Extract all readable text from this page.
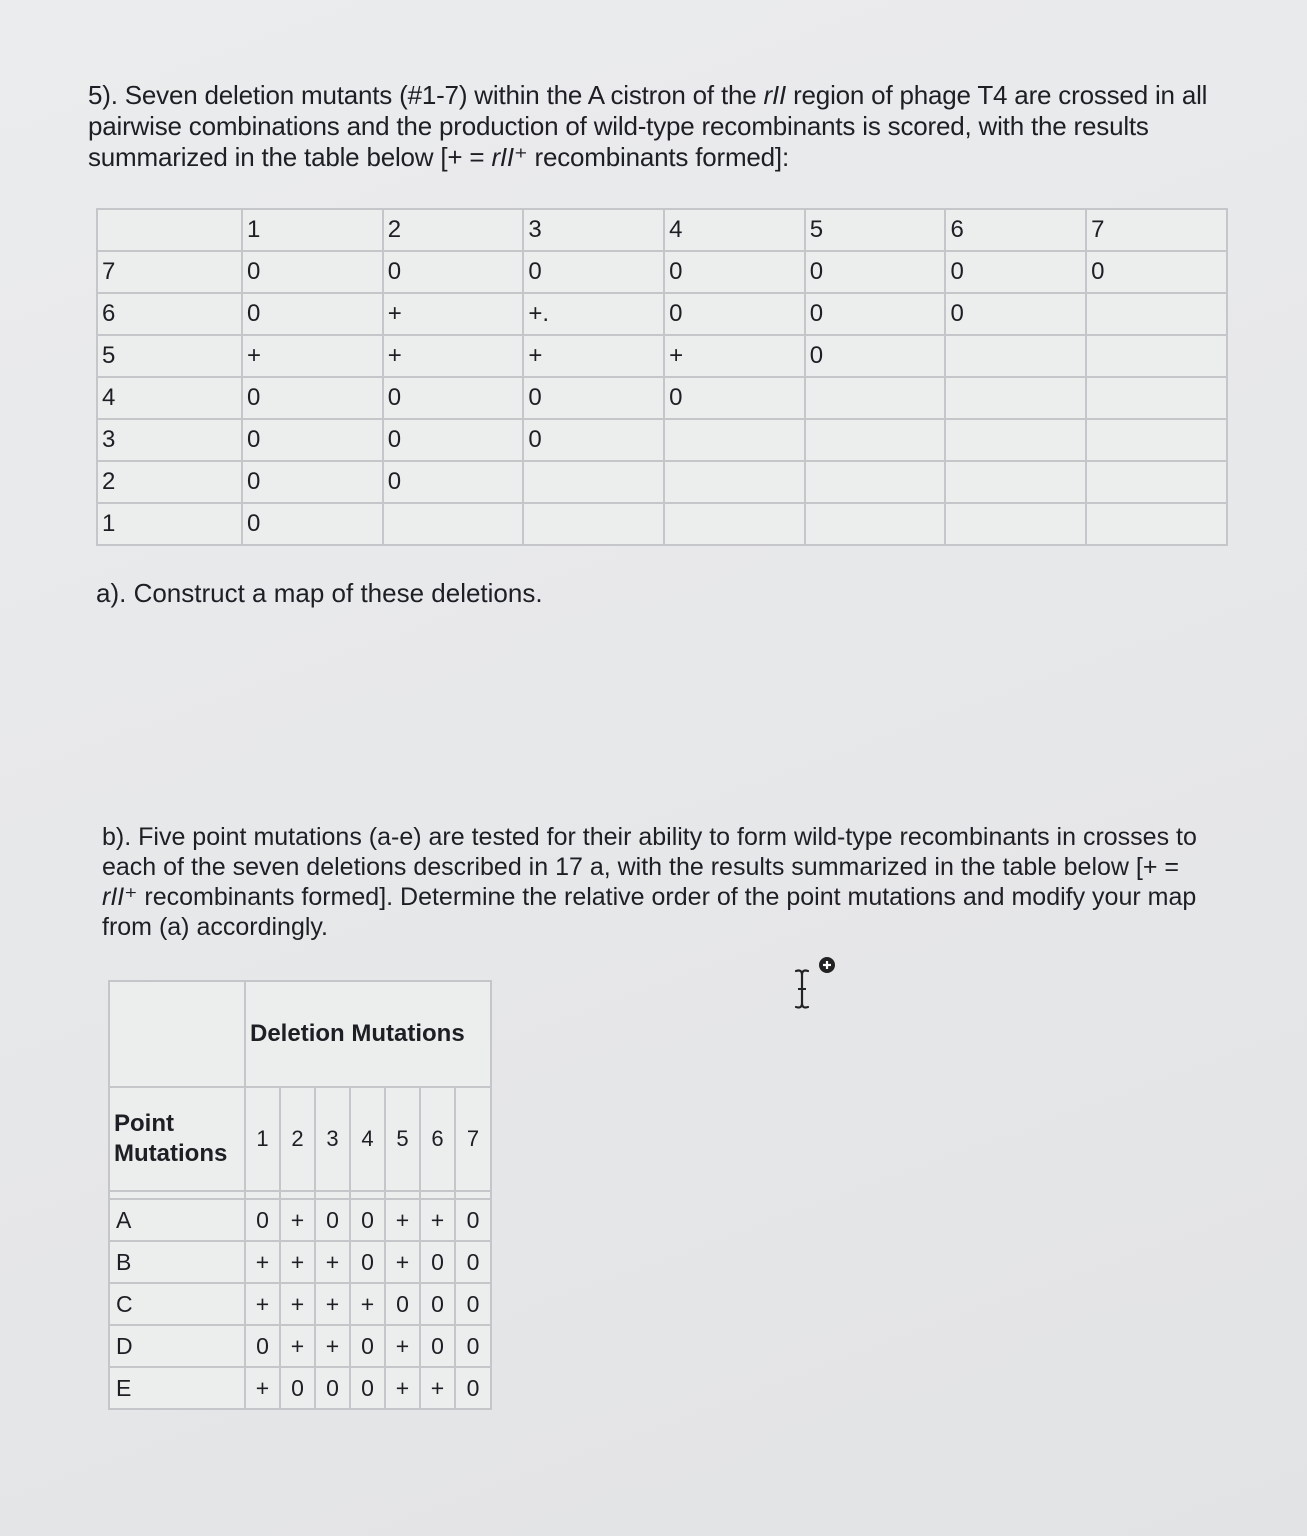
5). Seven deletion mutants (#1-7) within the A cistron of the rII region of phage T4 are crossed in all pairwise combinations and the production of wild-type recombinants is scored, with the results summarized in the table below [+ = rII⁺ recombinants formed]:

	1	2	3	4	5	6	7
7	0	0	0	0	0	0	0
6	0	+	+.	0	0	0	
5	+	+	+	+	0		
4	0	0	0	0			
3	0	0	0				
2	0	0					
1	0						

a). Construct a map of these deletions.

b). Five point mutations (a-e) are tested for their ability to form wild-type recombinants in crosses to each of the seven deletions described in 17 a, with the results summarized in the table below [+ = rII⁺ recombinants formed]. Determine the relative order of the point mutations and modify your map from (a) accordingly.

	Deletion Mutations						
Point Mutations	1	2	3	4	5	6	7

A	0	+	0	0	+	+	0
B	+	+	+	0	+	0	0
C	+	+	+	+	0	0	0
D	0	+	+	0	+	0	0
E	+	0	0	0	+	+	0
